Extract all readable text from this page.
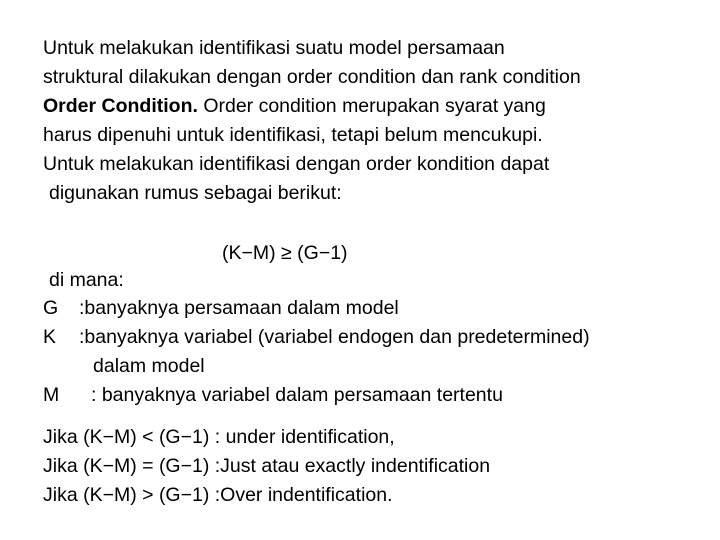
Untuk melakukan identifikasi suatu model persamaan
struktural dilakukan dengan order condition dan rank condition
Order Condition. Order condition merupakan syarat yang
harus dipenuhi untuk identifikasi, tetapi belum mencukupi.
Untuk melakukan identifikasi dengan order kondition dapat
digunakan rumus sebagai berikut:
(K−M) ≥ (G−1)
di mana:
G :banyaknya persamaan dalam model
K :banyaknya variabel (variabel endogen dan predetermined)
dalam model
M : banyaknya variabel dalam persamaan tertentu
Jika (K−M) < (G−1) : under identification,
Jika (K−M) = (G−1) :Just atau exactly indentification
Jika (K−M) > (G−1) :Over indentification.
